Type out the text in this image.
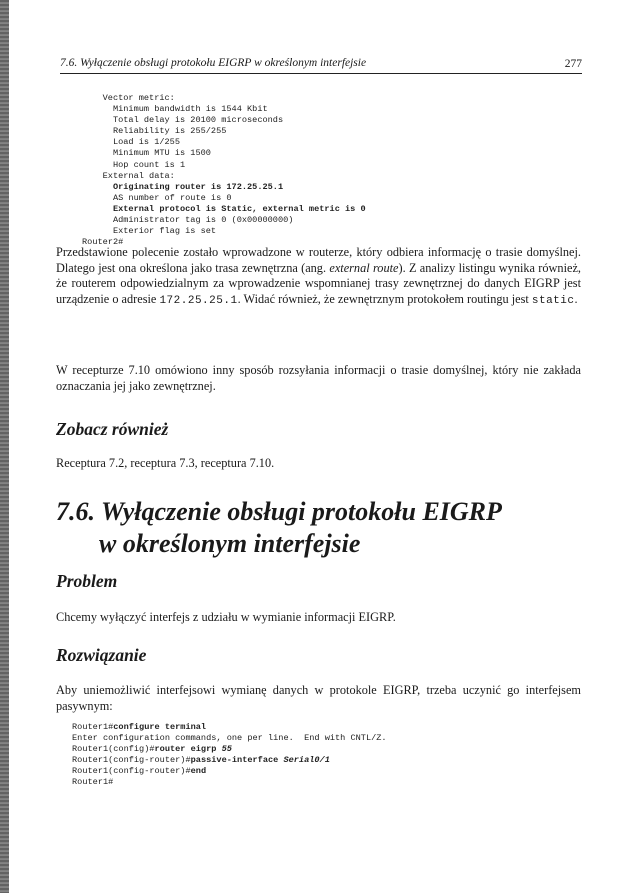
7.6. Wyłączenie obsługi protokołu EIGRP w określonym interfejsie	277
Vector metric:
Minimum bandwidth is 1544 Kbit
Total delay is 20100 microseconds
Reliability is 255/255
Load is 1/255
Minimum MTU is 1500
Hop count is 1
External data:
Originating router is 172.25.25.1
AS number of route is 0
External protocol is Static, external metric is 0
Administrator tag is 0 (0x00000000)
Exterior flag is set
Router2#

Przedstawione polecenie zostało wprowadzone w routerze, który odbiera informację o trasie domyślnej. Dlatego jest ona określona jako trasa zewnętrzna (ang. external route). Z analizy listingu wynika również, że routerem odpowiedzialnym za wprowadzenie wspomnianej trasy zewnętrznej do danych EIGRP jest urządzenie o adresie 172.25.25.1. Widać również, że zewnętrznym protokołem routingu jest static.

W recepturze 7.10 omówiono inny sposób rozsyłania informacji o trasie domyślnej, który nie zakłada oznaczania jej jako zewnętrznej.

Zobacz również

Receptura 7.2, receptura 7.3, receptura 7.10.

7.6. Wyłączenie obsługi protokołu EIGRP
w określonym interfejsie
Problem

Chcemy wyłączyć interfejs z udziału w wymianie informacji EIGRP.

Rozwiązanie

Aby uniemożliwić interfejsowi wymianę danych w protokole EIGRP, trzeba uczynić go interfejsem pasywnym:

Router1#configure terminal
Enter configuration commands, one per line.  End with CNTL/Z.
Router1(config)#router eigrp 55
Router1(config-router)#passive-interface Serial0/1
Router1(config-router)#end
Router1#
